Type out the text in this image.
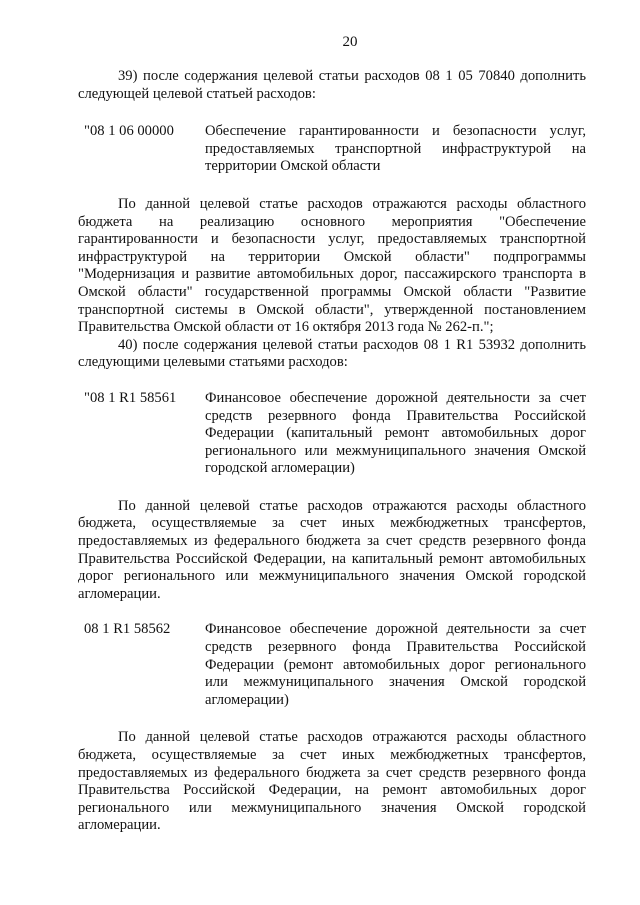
20

39) после содержания целевой статьи расходов 08 1 05 70840 дополнить следующей целевой статьей расходов:

"08 1 06 00000	Обеспечение гарантированности и безопасности услуг, предоставляемых транспортной инфраструктурой на территории Омской области

По данной целевой статье расходов отражаются расходы областного бюджета на реализацию основного мероприятия "Обеспечение гарантированности и безопасности услуг, предоставляемых транспортной инфраструктурой на территории Омской области" подпрограммы "Модернизация и развитие автомобильных дорог, пассажирского транспорта в Омской области" государственной программы Омской области "Развитие транспортной системы в Омской области", утвержденной постановлением Правительства Омской области от 16 октября 2013 года № 262-п.";

40) после содержания целевой статьи расходов 08 1 R1 53932 дополнить следующими целевыми статьями расходов:

"08 1 R1 58561	Финансовое обеспечение дорожной деятельности за счет средств резервного фонда Правительства Российской Федерации (капитальный ремонт автомобильных дорог регионального или межмуниципального значения Омской городской агломерации)

По данной целевой статье расходов отражаются расходы областного бюджета, осуществляемые за счет иных межбюджетных трансфертов, предоставляемых из федерального бюджета за счет средств резервного фонда Правительства Российской Федерации, на капитальный ремонт автомобильных дорог регионального или межмуниципального значения Омской городской агломерации.

08 1 R1 58562	Финансовое обеспечение дорожной деятельности за счет средств резервного фонда Правительства Российской Федерации (ремонт автомобильных дорог регионального или межмуниципального значения Омской городской агломерации)

По данной целевой статье расходов отражаются расходы областного бюджета, осуществляемые за счет иных межбюджетных трансфертов, предоставляемых из федерального бюджета за счет средств резервного фонда Правительства Российской Федерации, на ремонт автомобильных дорог регионального или межмуниципального значения Омской городской агломерации.
